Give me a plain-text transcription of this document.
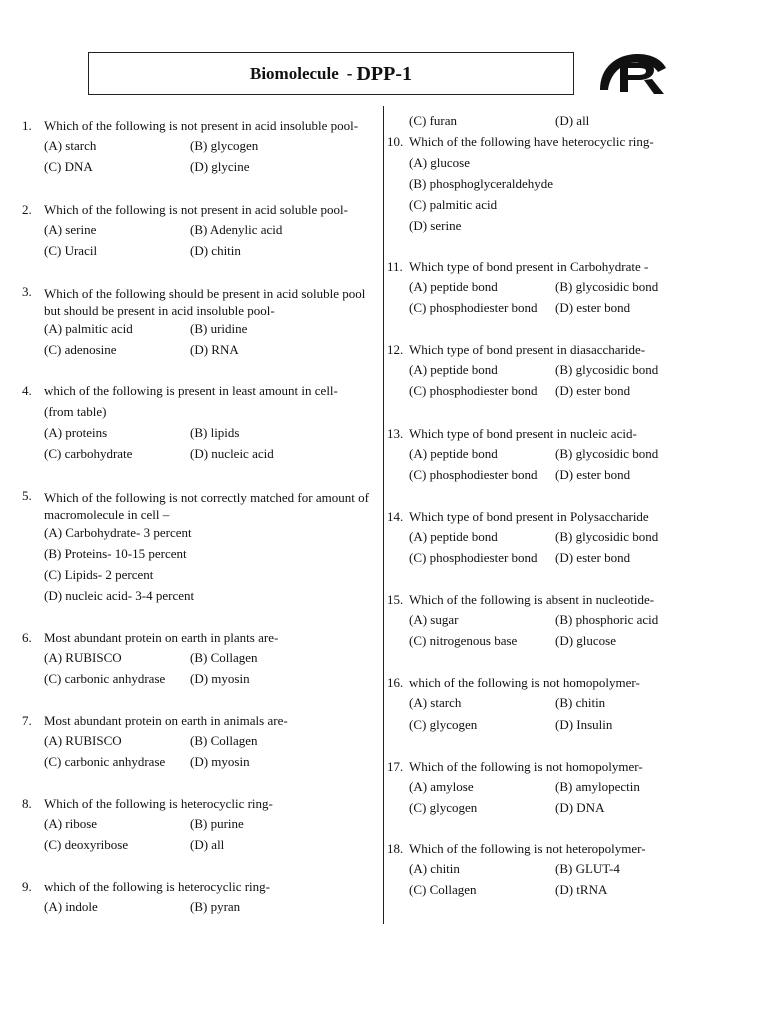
Biomolecule - DPP-1
1. Which of the following is not present in acid insoluble pool-
(A) starch	(B) glycogen
(C) DNA	(D) glycine
2. Which of the following is not present in acid soluble pool-
(A) serine	(B) Adenylic acid
(C) Uracil	(D) chitin
3. Which of the following should be present in acid soluble pool but should be present in acid insoluble pool-
(A) palmitic acid	(B) uridine
(C) adenosine	(D) RNA
4. which of the following is present in least amount in cell-
(from table)
(A) proteins	(B) lipids
(C) carbohydrate	(D) nucleic acid
5. Which of the following is not correctly matched for amount of macromolecule in cell –
(A) Carbohydrate- 3 percent
(B) Proteins- 10-15 percent
(C) Lipids- 2 percent
(D) nucleic acid- 3-4 percent
6. Most abundant protein on earth in plants are-
(A) RUBISCO	(B) Collagen
(C) carbonic anhydrase (D) myosin
7. Most abundant protein on earth in animals are-
(A) RUBISCO	(B) Collagen
(C) carbonic anhydrase (D) myosin
8. Which of the following is heterocyclic ring-
(A) ribose	(B) purine
(C) deoxyribose	(D) all
9. which of the following is heterocyclic ring-
(A) indole	(B) pyran
(C) furan	(D) all
10. Which of the following have heterocyclic ring-
(A) glucose
(B) phosphoglyceraldehyde
(C) palmitic acid
(D) serine
11. Which type of bond present in Carbohydrate -
(A) peptide bond	(B) glycosidic bond
(C) phosphodiester bond (D) ester bond
12. Which type of bond present in diasaccharide-
(A) peptide bond	(B) glycosidic bond
(C) phosphodiester bond (D) ester bond
13. Which type of bond present in nucleic acid-
(A) peptide bond	(B) glycosidic bond
(C) phosphodiester bond (D) ester bond
14. Which type of bond present in Polysaccharide
(A) peptide bond	(B) glycosidic bond
(C) phosphodiester bond (D) ester bond
15. Which of the following is absent in nucleotide-
(A) sugar	(B) phosphoric acid
(C) nitrogenous base	(D) glucose
16. which of the following is not homopolymer-
(A) starch	(B) chitin
(C) glycogen	(D) Insulin
17. Which of the following is not homopolymer-
(A) amylose	(B) amylopectin
(C) glycogen	(D) DNA
18. Which of the following is not heteropolymer-
(A) chitin	(B) GLUT-4
(C) Collagen	(D) tRNA
